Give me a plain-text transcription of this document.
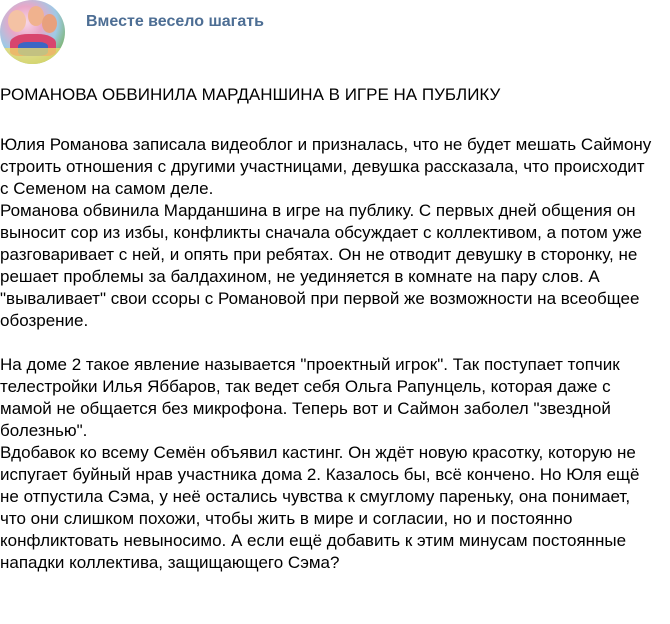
Вместе весело шагать
РОМАНОВА ОБВИНИЛА МАРДАНШИНА В ИГРЕ НА ПУБЛИКУ
Юлия Романова записала видеоблог и призналась, что не будет мешать Саймону
строить отношения с другими участницами, девушка рассказала, что происходит
с Семеном на самом деле.
Романова обвинила Марданшина в игре на публику. С первых дней общения он
выносит сор из избы, конфликты сначала обсуждает с коллективом, а потом уже
разговаривает с ней, и опять при ребятах. Он не отводит девушку в сторонку, не
решает проблемы за балдахином, не уединяется в комнате на пару слов. А
"вываливает" свои ссоры с Романовой при первой же возможности на всеобщее
обозрение.
На доме 2 такое явление называется "проектный игрок". Так поступает топчик
телестройки Илья Яббаров, так ведет себя Ольга Рапунцель, которая даже с
мамой не общается без микрофона. Теперь вот и Саймон заболел "звездной
болезнью".
Вдобавок ко всему Семён объявил кастинг. Он ждёт новую красотку, которую не
испугает буйный нрав участника дома 2. Казалось бы, всё кончено. Но Юля ещё
не отпустила Сэма, у неё остались чувства к смуглому пареньку, она понимает,
что они слишком похожи, чтобы жить в мире и согласии, но и постоянно
конфликтовать невыносимо. А если ещё добавить к этим минусам постоянные
нападки коллектива, защищающего Сэма?
